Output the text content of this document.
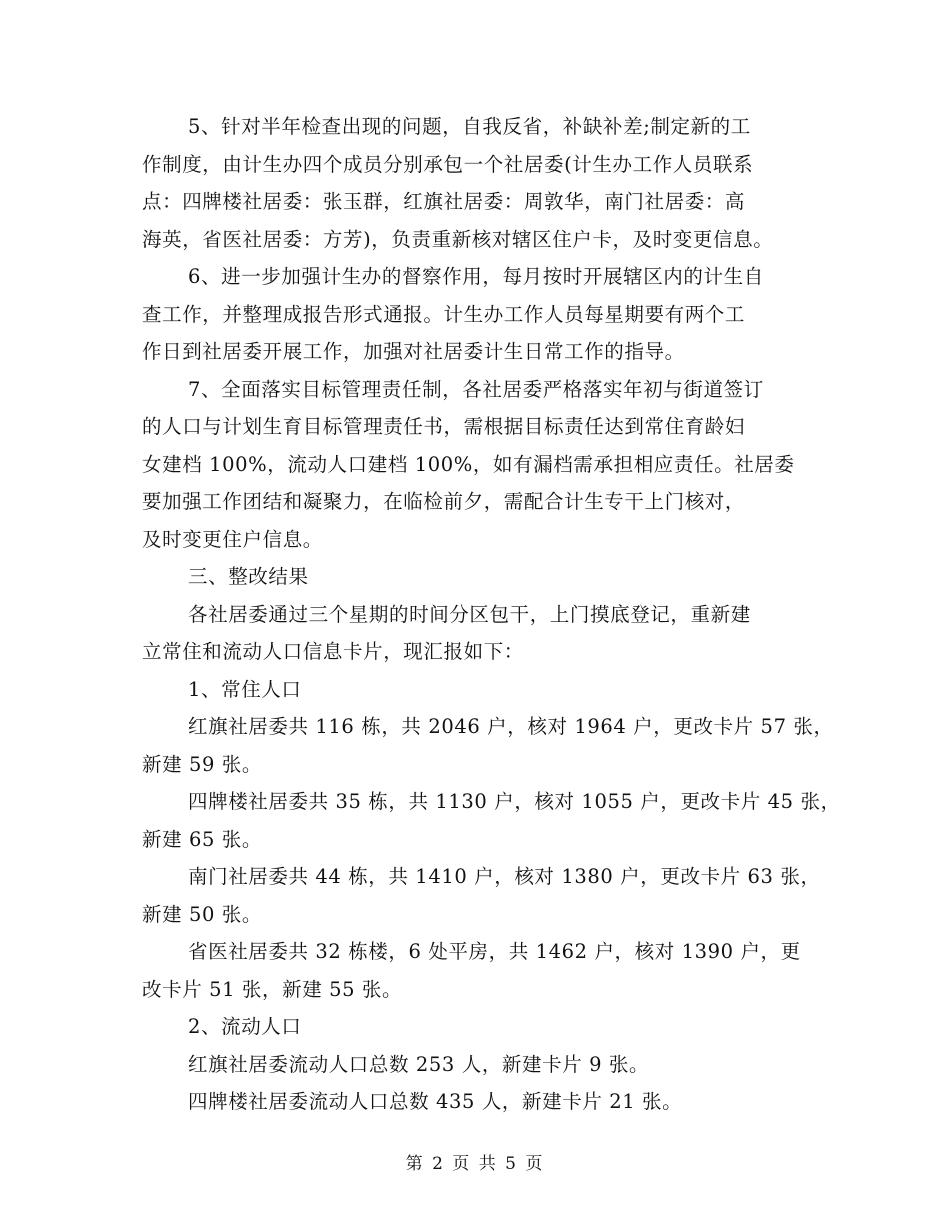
5、针对半年检查出现的问题，自我反省，补缺补差;制定新的工
作制度，由计生办四个成员分别承包一个社居委(计生办工作人员联系
点：四牌楼社居委：张玉群，红旗社居委：周敦华，南门社居委：高
海英，省医社居委：方芳)，负责重新核对辖区住户卡，及时变更信息。
6、进一步加强计生办的督察作用，每月按时开展辖区内的计生自
查工作，并整理成报告形式通报。计生办工作人员每星期要有两个工
作日到社居委开展工作，加强对社居委计生日常工作的指导。
7、全面落实目标管理责任制，各社居委严格落实年初与街道签订
的人口与计划生育目标管理责任书，需根据目标责任达到常住育龄妇
女建档 100%，流动人口建档 100%，如有漏档需承担相应责任。社居委
要加强工作团结和凝聚力，在临检前夕，需配合计生专干上门核对，
及时变更住户信息。
三、整改结果
各社居委通过三个星期的时间分区包干，上门摸底登记，重新建
立常住和流动人口信息卡片，现汇报如下：
1、常住人口
红旗社居委共 116 栋，共 2046 户，核对 1964 户，更改卡片 57 张，
新建 59 张。
四牌楼社居委共 35 栋，共 1130 户，核对 1055 户，更改卡片 45 张，
新建 65 张。
南门社居委共 44 栋，共 1410 户，核对 1380 户，更改卡片 63 张，
新建 50 张。
省医社居委共 32 栋楼，6 处平房，共 1462 户，核对 1390 户，更
改卡片 51 张，新建 55 张。
2、流动人口
红旗社居委流动人口总数 253 人，新建卡片 9 张。
四牌楼社居委流动人口总数 435 人，新建卡片 21 张。
第 2 页 共 5 页
